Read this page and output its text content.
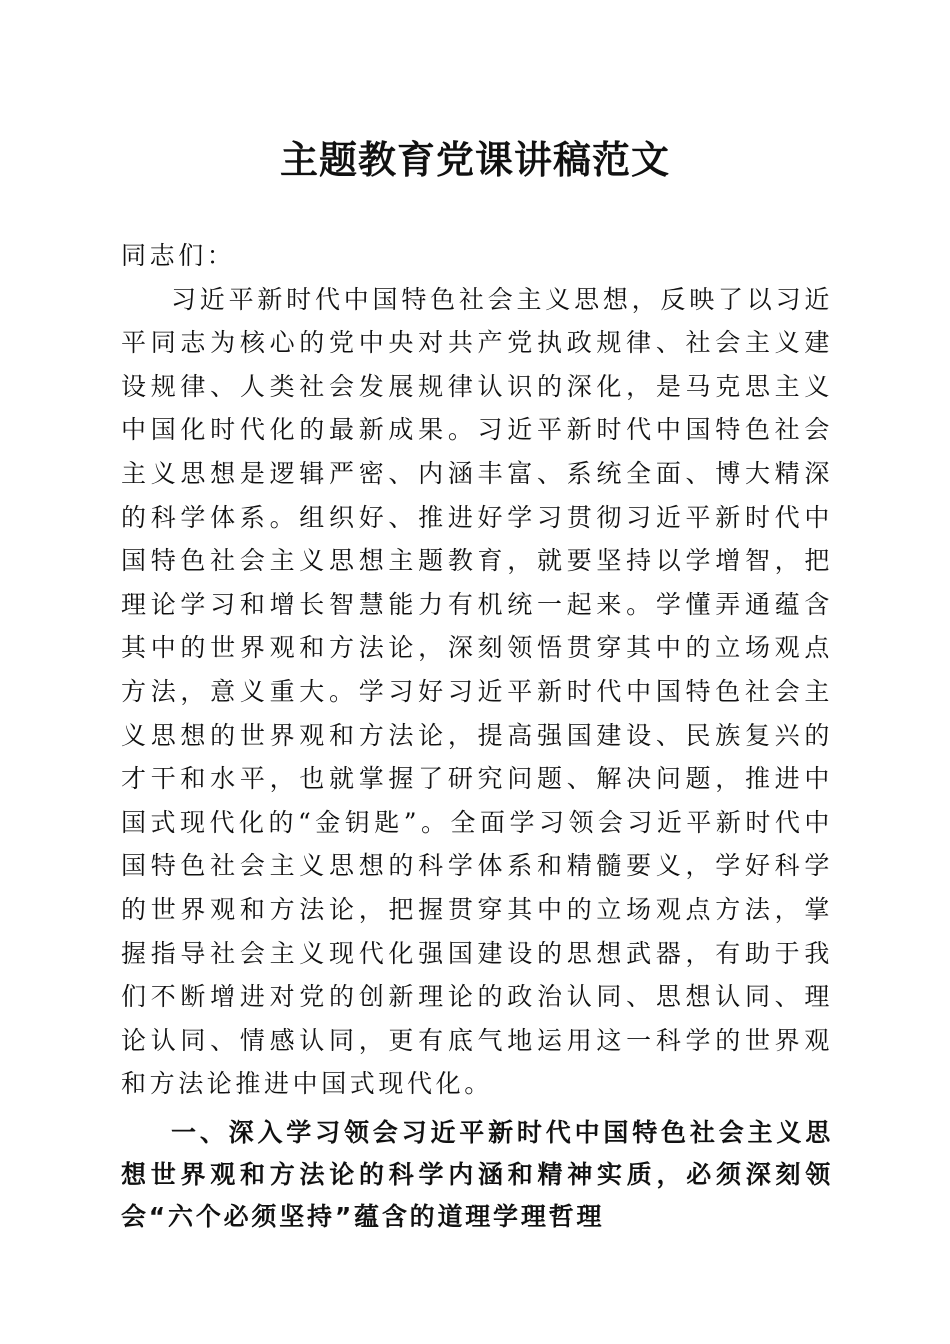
主题教育党课讲稿范文

同志们：

习近平新时代中国特色社会主义思想，反映了以习近平同志为核心的党中央对共产党执政规律、社会主义建设规律、人类社会发展规律认识的深化，是马克思主义中国化时代化的最新成果。习近平新时代中国特色社会主义思想是逻辑严密、内涵丰富、系统全面、博大精深的科学体系。组织好、推进好学习贯彻习近平新时代中国特色社会主义思想主题教育，就要坚持以学增智，把理论学习和增长智慧能力有机统一起来。学懂弄通蕴含其中的世界观和方法论，深刻领悟贯穿其中的立场观点方法，意义重大。学习好习近平新时代中国特色社会主义思想的世界观和方法论，提高强国建设、民族复兴的才干和水平，也就掌握了研究问题、解决问题，推进中国式现代化的“金钥匙”。全面学习领会习近平新时代中国特色社会主义思想的科学体系和精髓要义，学好科学的世界观和方法论，把握贯穿其中的立场观点方法，掌握指导社会主义现代化强国建设的思想武器，有助于我们不断增进对党的创新理论的政治认同、思想认同、理论认同、情感认同，更有底气地运用这一科学的世界观和方法论推进中国式现代化。

一、深入学习领会习近平新时代中国特色社会主义思想世界观和方法论的科学内涵和精神实质，必须深刻领会“六个必须坚持”蕴含的道理学理哲理
